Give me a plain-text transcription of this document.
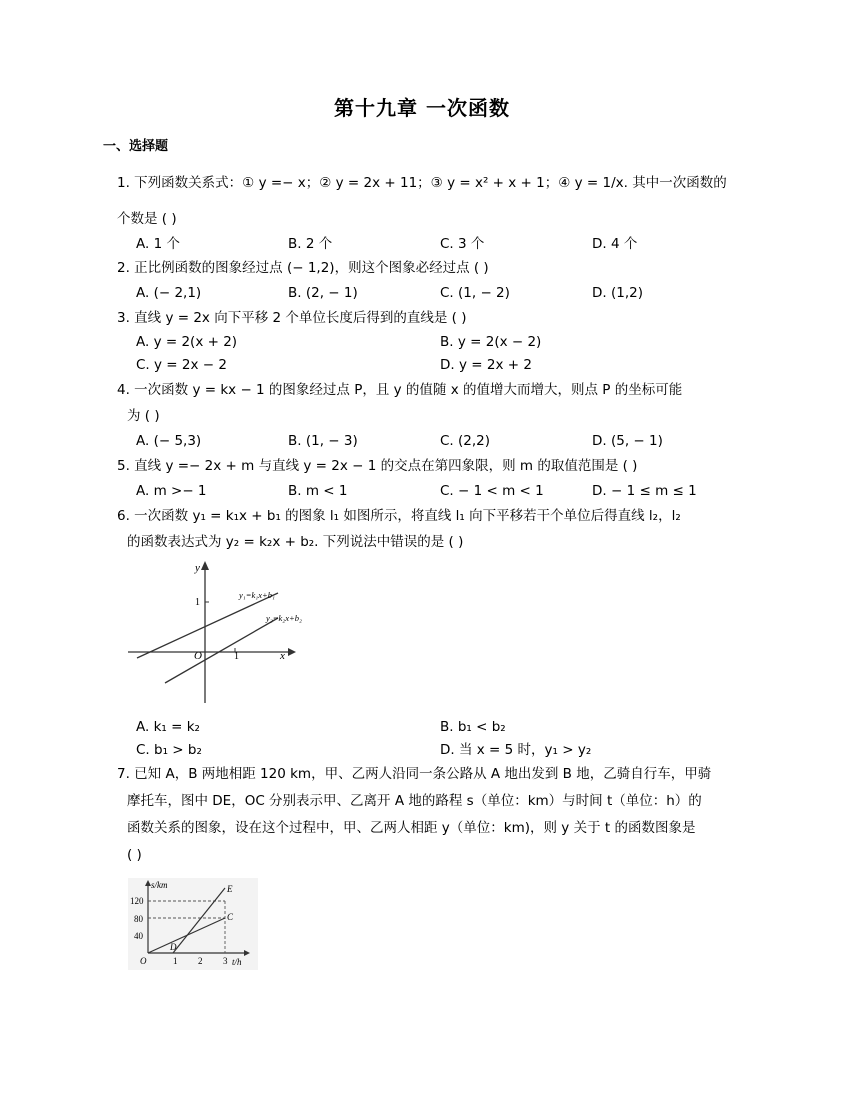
第十九章 一次函数
一、选择题
1. 下列函数关系式：① y =− x；② y = 2x + 11；③ y = x² + x + 1；④ y = 1/x. 其中一次函数的
个数是 ( )
A. 1 个	B. 2 个	C. 3 个	D. 4 个
2. 正比例函数的图象经过点 (− 1,2)，则这个图象必经过点 ( )
A. (− 2,1)	B. (2, − 1)	C. (1, − 2)	D. (1,2)
3. 直线 y = 2x 向下平移 2 个单位长度后得到的直线是 ( )
A. y = 2(x + 2)	B. y = 2(x − 2)
C. y = 2x − 2	D. y = 2x + 2
4. 一次函数 y = kx − 1 的图象经过点 P，且 y 的值随 x 的值增大而增大，则点 P 的坐标可能
为 ( )
A. (− 5,3)	B. (1, − 3)	C. (2,2)	D. (5, − 1)
5. 直线 y =− 2x + m 与直线 y = 2x − 1 的交点在第四象限，则 m 的取值范围是 ( )
A. m >− 1	B. m < 1	C. − 1 < m < 1	D. − 1 ≤ m ≤ 1
6. 一次函数 y₁ = k₁x + b₁ 的图象 l₁ 如图所示，将直线 l₁ 向下平移若干个单位后得直线 l₂，l₂
的函数表达式为 y₂ = k₂x + b₂. 下列说法中错误的是 ( )
y
x
O	1
1
y₁=k₁x+b₁
y₂=k₂x+b₂
A. k₁ = k₂	B. b₁ < b₂
C. b₁ > b₂	D. 当 x = 5 时，y₁ > y₂
7. 已知 A，B 两地相距 120 km，甲、乙两人沿同一条公路从 A 地出发到 B 地，乙骑自行车，甲骑
摩托车，图中 DE，OC 分别表示甲、乙离开 A 地的路程 s（单位：km）与时间 t（单位：h）的
函数关系的图象，设在这个过程中，甲、乙两人相距 y（单位：km)，则 y 关于 t 的函数图象是
( )
s/km
t/h
O
120
80
40
1 2 3
E
C
D
